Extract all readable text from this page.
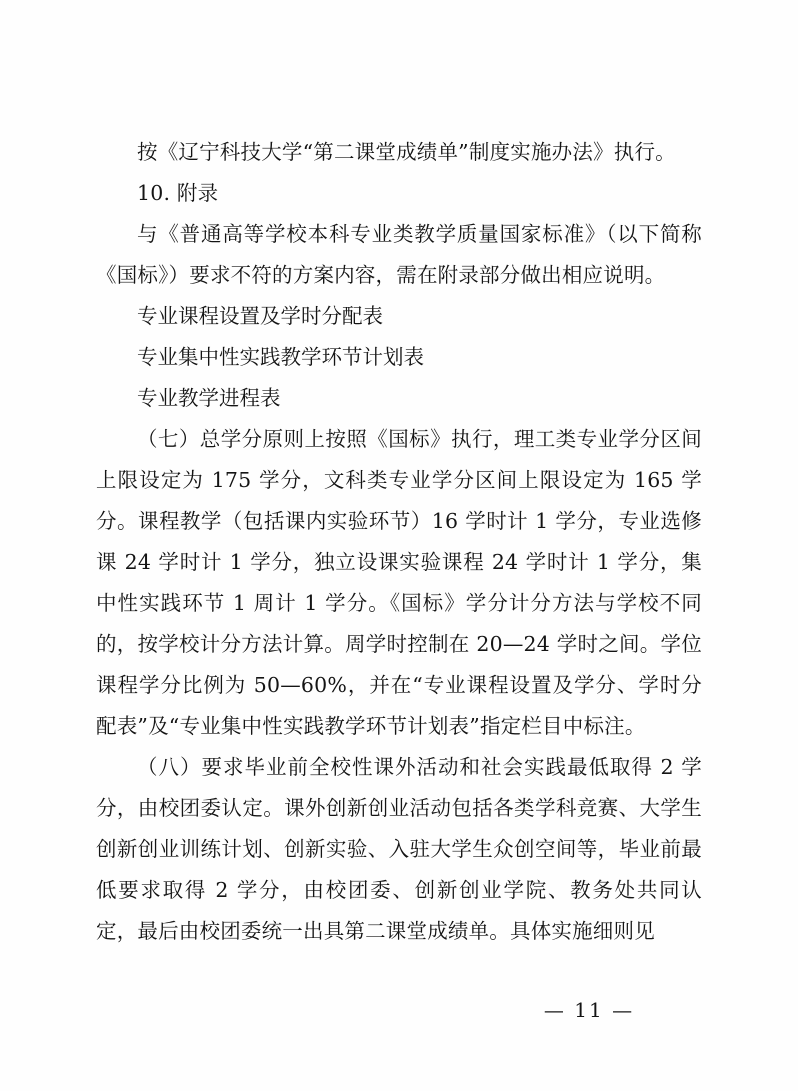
按《辽宁科技大学“第二课堂成绩单”制度实施办法》执行。

10. 附录

与《普通高等学校本科专业类教学质量国家标准》（以下简称《国标》）要求不符的方案内容，需在附录部分做出相应说明。

专业课程设置及学时分配表

专业集中性实践教学环节计划表

专业教学进程表

（七）总学分原则上按照《国标》执行，理工类专业学分区间上限设定为 175 学分，文科类专业学分区间上限设定为 165 学分。课程教学（包括课内实验环节）16 学时计 1 学分，专业选修课 24 学时计 1 学分，独立设课实验课程 24 学时计 1 学分，集中性实践环节 1 周计 1 学分。《国标》学分计分方法与学校不同的，按学校计分方法计算。周学时控制在 20—24 学时之间。学位课程学分比例为 50—60%，并在“专业课程设置及学分、学时分配表”及“专业集中性实践教学环节计划表”指定栏目中标注。

（八）要求毕业前全校性课外活动和社会实践最低取得 2 学分，由校团委认定。课外创新创业活动包括各类学科竞赛、大学生创新创业训练计划、创新实验、入驻大学生众创空间等，毕业前最低要求取得 2 学分，由校团委、创新创业学院、教务处共同认定，最后由校团委统一出具第二课堂成绩单。具体实施细则见

— 11 —
